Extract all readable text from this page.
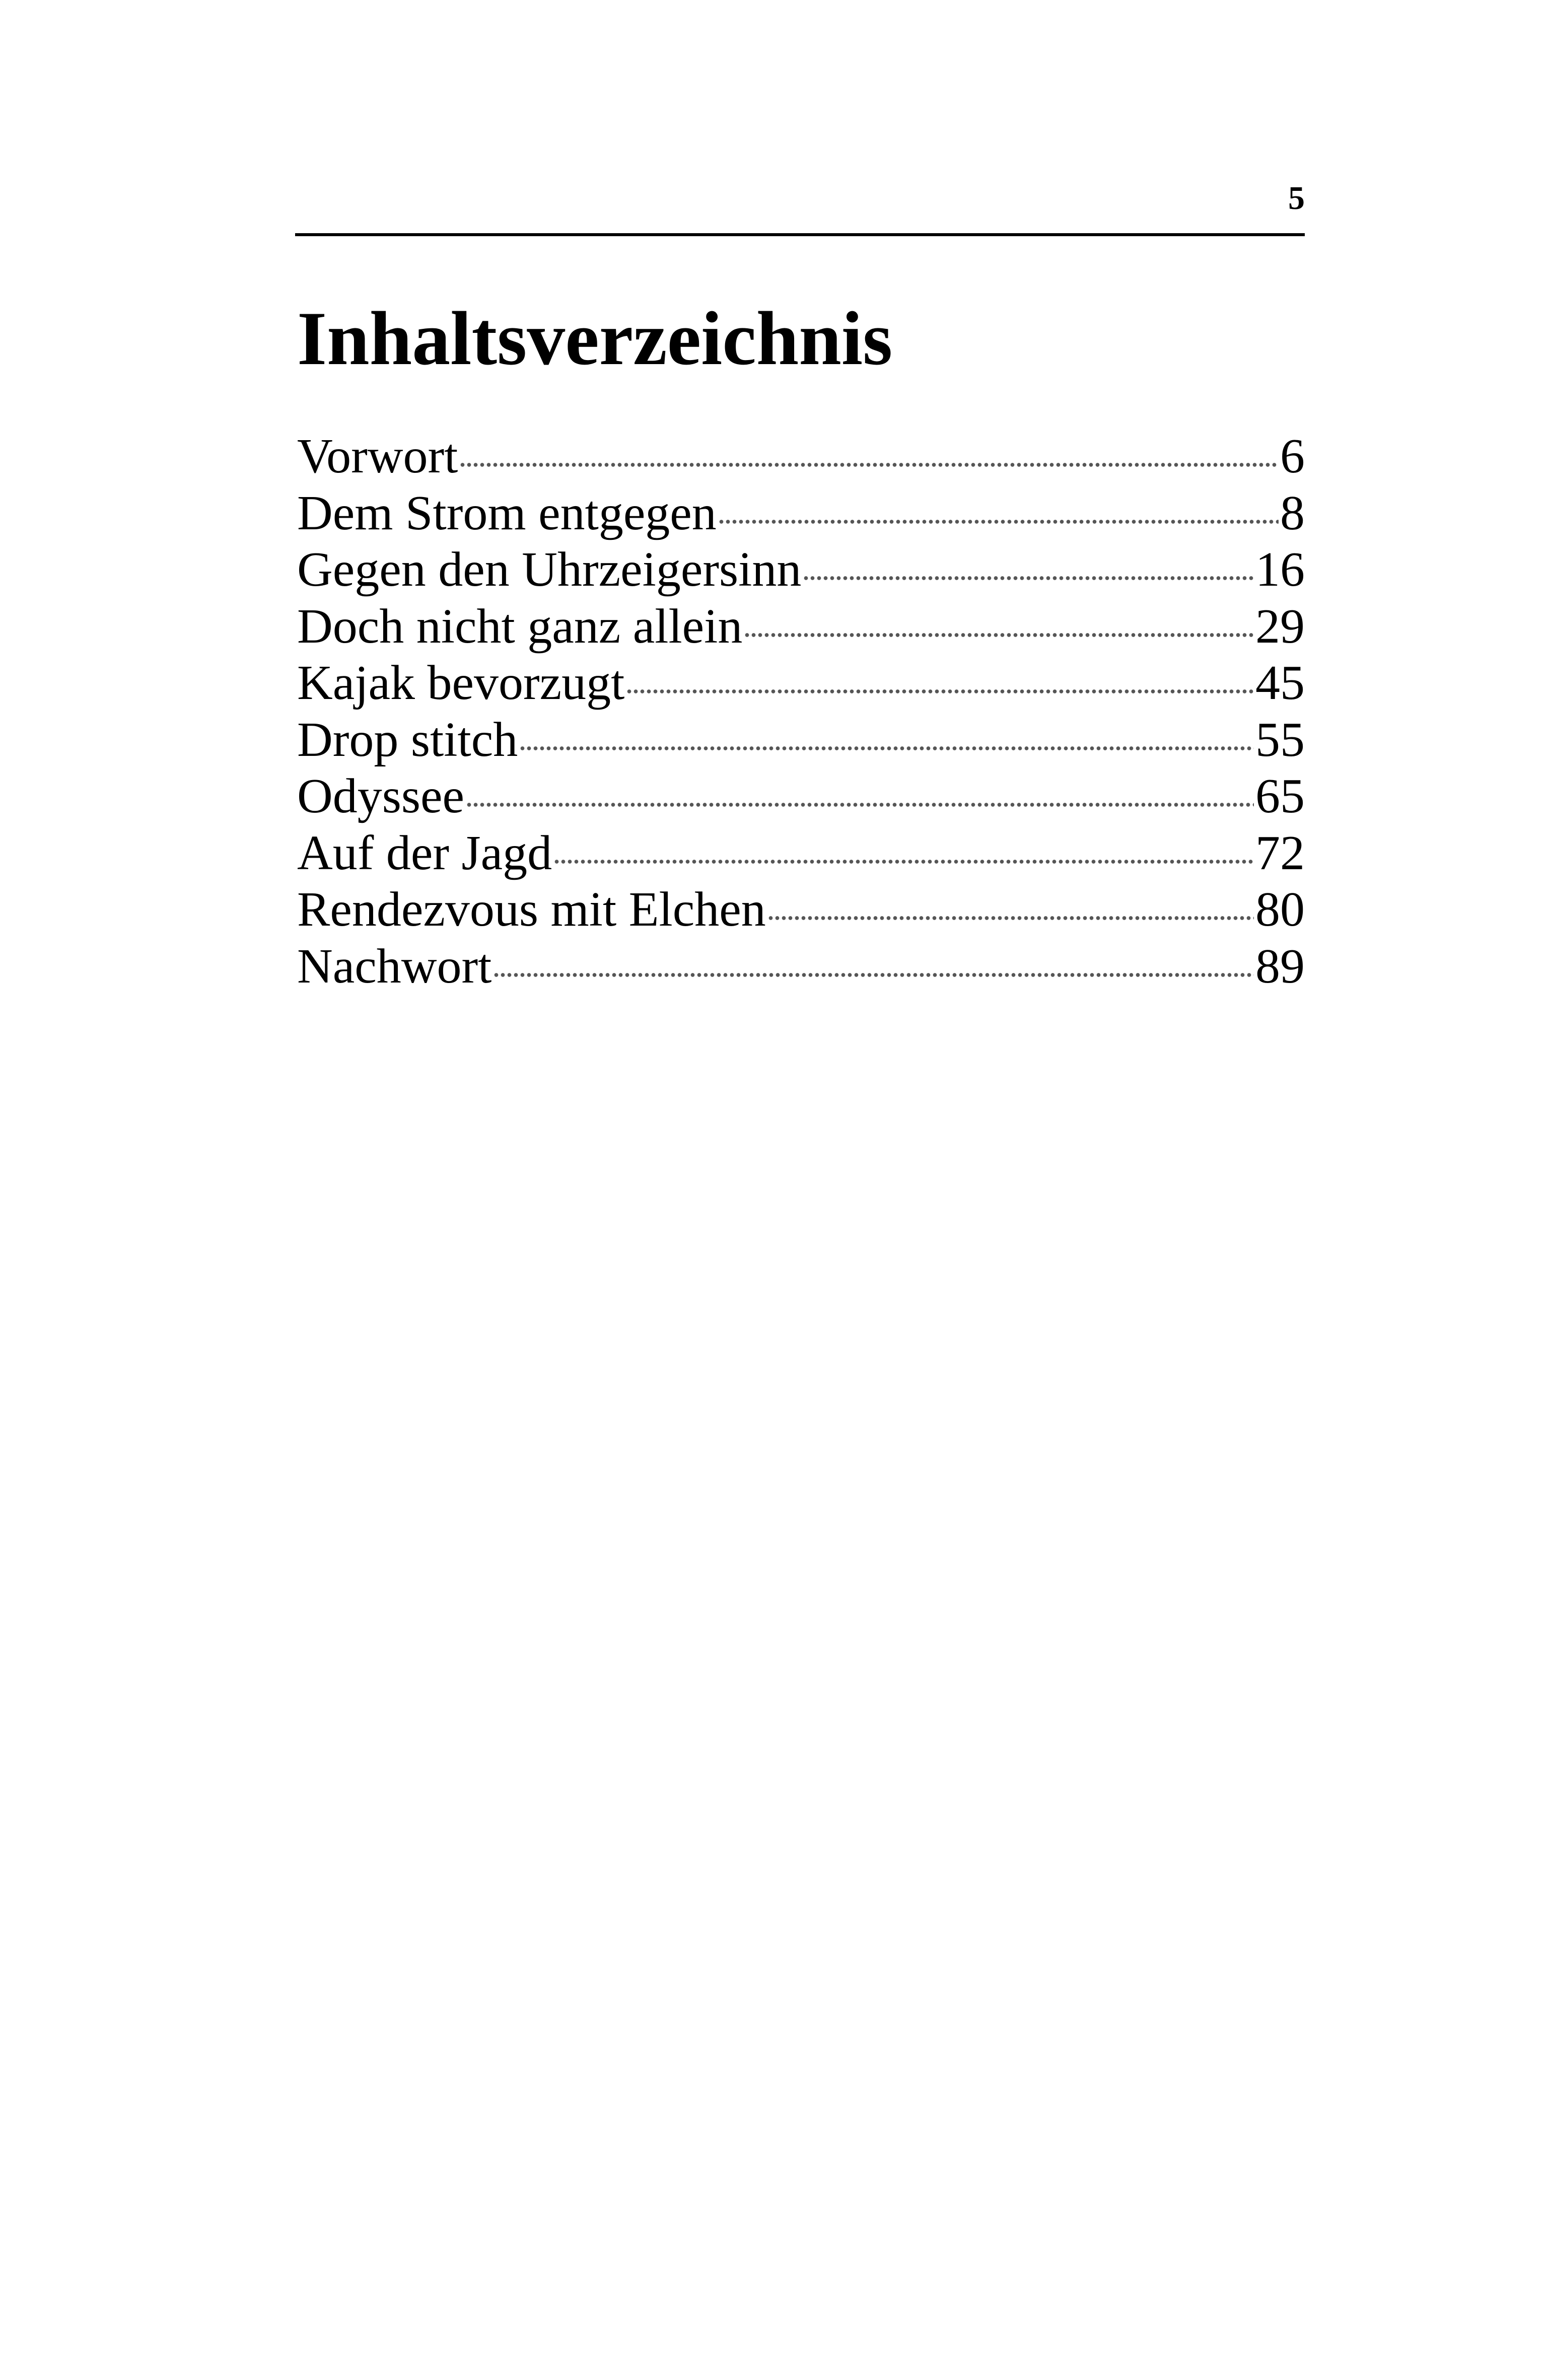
5
Inhaltsverzeichnis
Vorwort	6
Dem Strom entgegen	8
Gegen den Uhrzeigersinn	16
Doch nicht ganz allein	29
Kajak bevorzugt	45
Drop stitch	55
Odyssee	65
Auf der Jagd	72
Rendezvous mit Elchen	80
Nachwort	89
